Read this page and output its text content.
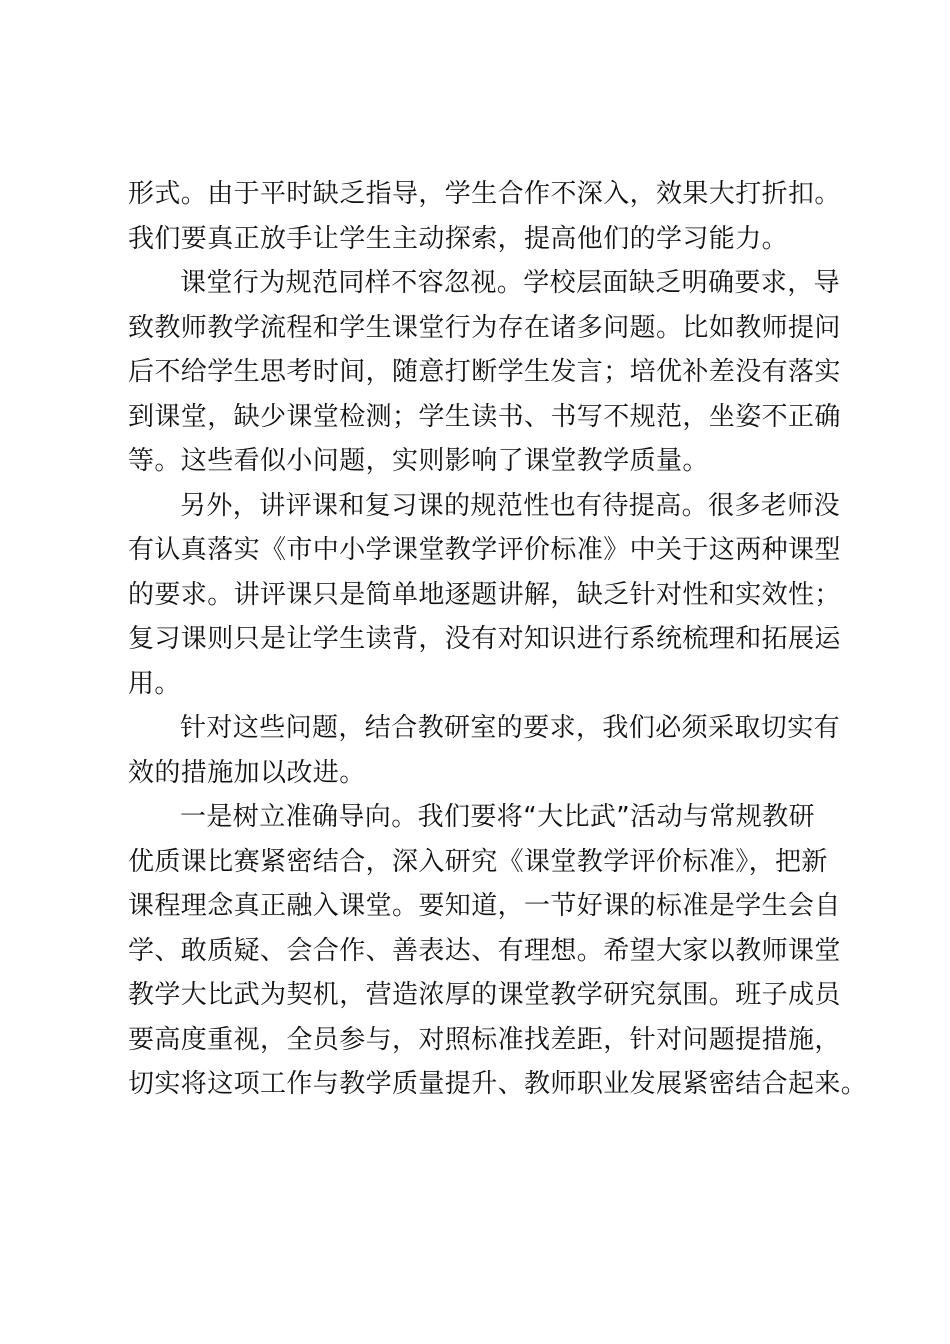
形式。由于平时缺乏指导，学生合作不深入，效果大打折扣。
我们要真正放手让学生主动探索，提高他们的学习能力。
课堂行为规范同样不容忽视。学校层面缺乏明确要求，导
致教师教学流程和学生课堂行为存在诸多问题。比如教师提问
后不给学生思考时间，随意打断学生发言；培优补差没有落实
到课堂，缺少课堂检测；学生读书、书写不规范，坐姿不正确
等。这些看似小问题，实则影响了课堂教学质量。
另外，讲评课和复习课的规范性也有待提高。很多老师没
有认真落实《市中小学课堂教学评价标准》中关于这两种课型
的要求。讲评课只是简单地逐题讲解，缺乏针对性和实效性；
复习课则只是让学生读背，没有对知识进行系统梳理和拓展运
用。
针对这些问题，结合教研室的要求，我们必须采取切实有
效的措施加以改进。
一是树立准确导向。我们要将“大比武”活动与常规教研
优质课比赛紧密结合，深入研究《课堂教学评价标准》，把新
课程理念真正融入课堂。要知道，一节好课的标准是学生会自
学、敢质疑、会合作、善表达、有理想。希望大家以教师课堂
教学大比武为契机，营造浓厚的课堂教学研究氛围。班子成员
要高度重视，全员参与，对照标准找差距，针对问题提措施，
切实将这项工作与教学质量提升、教师职业发展紧密结合起来。
